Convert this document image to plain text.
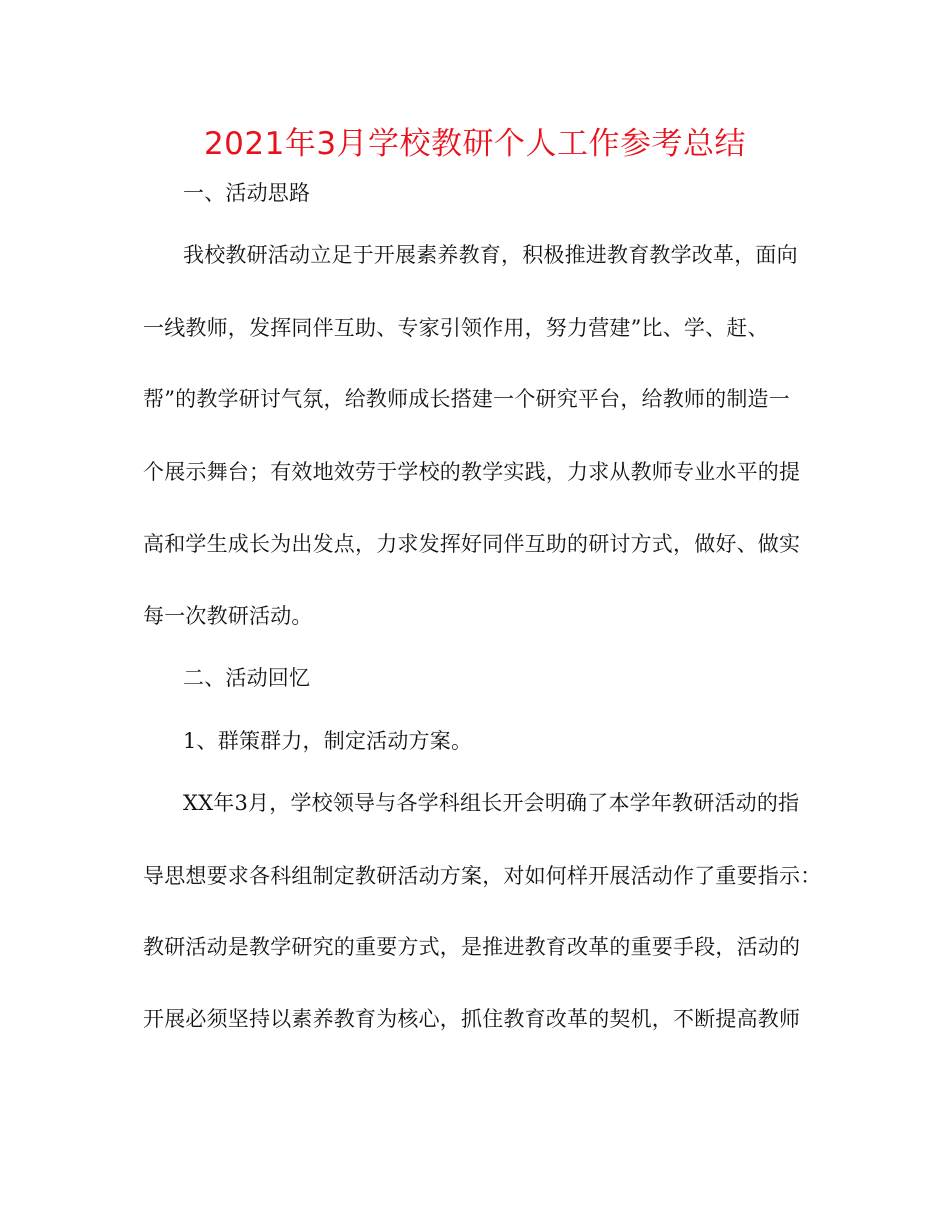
2021年3月学校教研个人工作参考总结
一、活动思路
我校教研活动立足于开展素养教育，积极推进教育教学改革，面向
一线教师，发挥同伴互助、专家引领作用，努力营建”比、学、赶、
帮”的教学研讨气氛，给教师成长搭建一个研究平台，给教师的制造一
个展示舞台；有效地效劳于学校的教学实践，力求从教师专业水平的提
高和学生成长为出发点，力求发挥好同伴互助的研讨方式，做好、做实
每一次教研活动。
二、活动回忆
1、群策群力，制定活动方案。
XX年3月，学校领导与各学科组长开会明确了本学年教研活动的指
导思想要求各科组制定教研活动方案，对如何样开展活动作了重要指示：
教研活动是教学研究的重要方式，是推进教育改革的重要手段，活动的
开展必须坚持以素养教育为核心，抓住教育改革的契机，不断提高教师
